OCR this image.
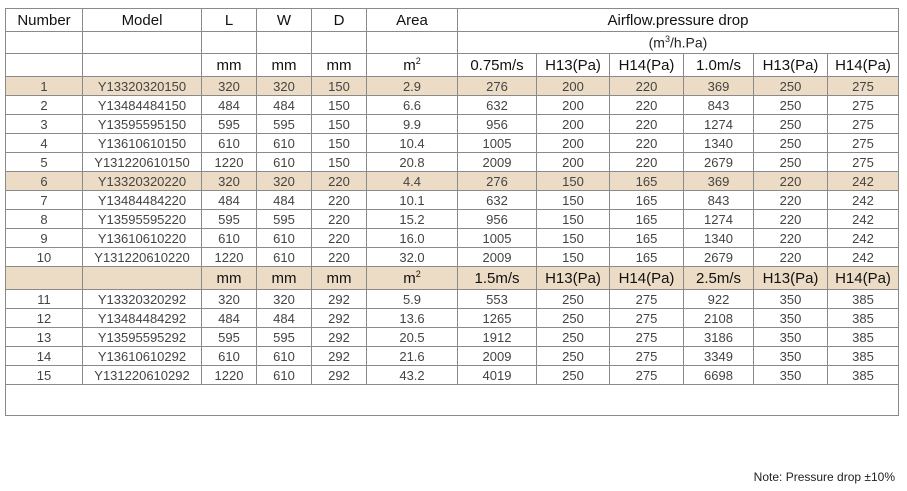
Number	Model	L	W	D	Area	Airflow.pressure drop					
						$(m^3/h.Pa)$					
		mm	mm	mm	$m^2$	0.75m/s	H13(Pa)	H14(Pa)	1.0m/s	H13(Pa)	H14(Pa)
1	Y13320320150	320	320	150	2.9	276	200	220	369	250	275
2	Y13484484150	484	484	150	6.6	632	200	220	843	250	275
3	Y13595595150	595	595	150	9.9	956	200	220	1274	250	275
4	Y13610610150	610	610	150	10.4	1005	200	220	1340	250	275
5	Y131220610150	1220	610	150	20.8	2009	200	220	2679	250	275
6	Y13320320220	320	320	220	4.4	276	150	165	369	220	242
7	Y13484484220	484	484	220	10.1	632	150	165	843	220	242
8	Y13595595220	595	595	220	15.2	956	150	165	1274	220	242
9	Y13610610220	610	610	220	16.0	1005	150	165	1340	220	242
10	Y131220610220	1220	610	220	32.0	2009	150	165	2679	220	242
		mm	mm	mm	$m^2$	1.5m/s	H13(Pa)	H14(Pa)	2.5m/s	H13(Pa)	H14(Pa)
11	Y13320320292	320	320	292	5.9	553	250	275	922	350	385
12	Y13484484292	484	484	292	13.6	1265	250	275	2108	350	385
13	Y13595595292	595	595	292	20.5	1912	250	275	3186	350	385
14	Y13610610292	610	610	292	21.6	2009	250	275	3349	350	385
15	Y131220610292	1220	610	292	43.2	4019	250	275	6698	350	385

Note: Pressure drop ±10%
